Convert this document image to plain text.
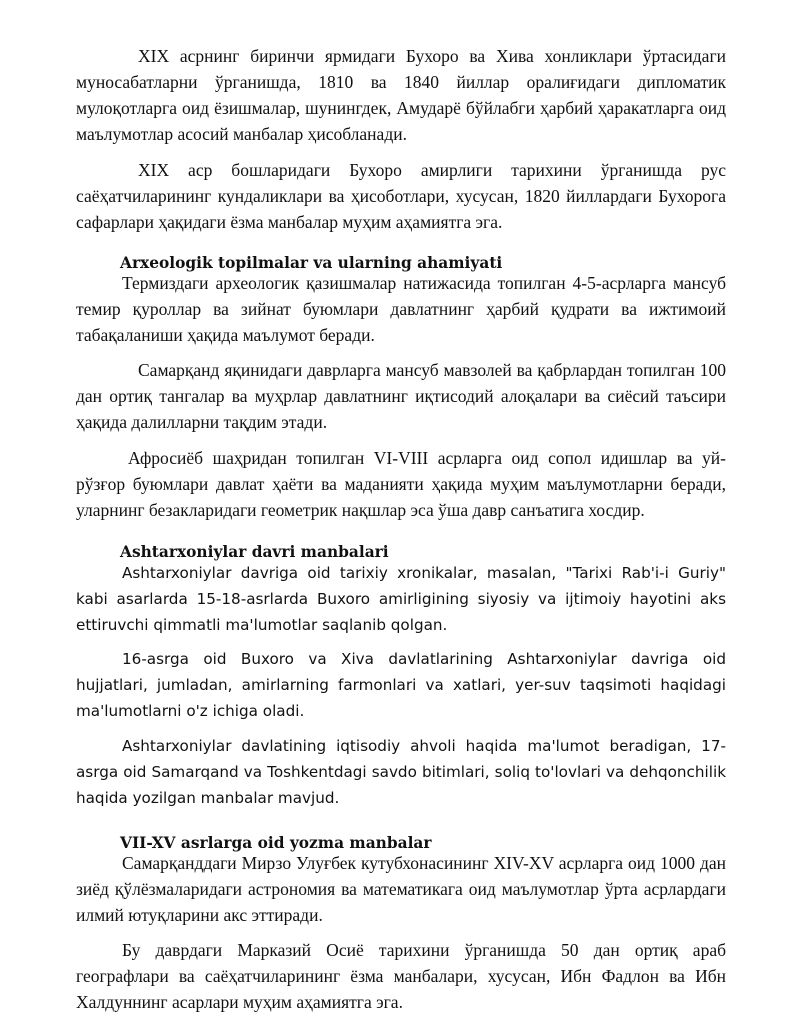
XIX асрнинг биринчи ярмидаги Бухоро ва Хива хонликлари ўртасидаги муносабатларни ўрганишда, 1810 ва 1840 йиллар оралиғидаги дипломатик мулоқотларга оид ёзишмалар, шунингдек, Амударё бўйлабги ҳарбий ҳаракатларга оид маълумотлар асосий манбалар ҳисобланади.

XIX аср бошларидаги Бухоро амирлиги тарихини ўрганишда рус саёҳатчиларининг кундаликлари ва ҳисоботлари, хусусан, 1820 йиллардаги Бухорога сафарлари ҳақидаги ёзма манбалар муҳим аҳамиятга эга.

Arxeologik topilmalar va ularning ahamiyati

Термиздаги археологик қазишмалар натижасида топилган 4-5-асрларга мансуб темир қуроллар ва зийнат буюмлари давлатнинг ҳарбий қудрати ва ижтимоий табақаланиши ҳақида маълумот беради.

Самарқанд яқинидаги даврларга мансуб мавзолей ва қабрлардан топилган 100 дан ортиқ тангалар ва муҳрлар давлатнинг иқтисодий алоқалари ва сиёсий таъсири ҳақида далилларни тақдим этади.

Афросиёб шаҳридан топилган VI-VIII асрларга оид сопол идишлар ва уй-рўзғор буюмлари давлат ҳаёти ва маданияти ҳақида муҳим маълумотларни беради, уларнинг безакларидаги геометрик нақшлар эса ўша давр санъатига хосдир.

Ashtarxoniylar davri manbalari

Ashtarxoniylar davriga oid tarixiy xronikalar, masalan, "Tarixi Rab'i-i Guriy" kabi asarlarda 15-18-asrlarda Buxoro amirligining siyosiy va ijtimoiy hayotini aks ettiruvchi qimmatli ma'lumotlar saqlanib qolgan.

16-asrga oid Buxoro va Xiva davlatlarining Ashtarxoniylar davriga oid hujjatlari, jumladan, amirlarning farmonlari va xatlari, yer-suv taqsimoti haqidagi ma'lumotlarni o'z ichiga oladi.

Ashtarxoniylar davlatining iqtisodiy ahvoli haqida ma'lumot beradigan, 17-asrga oid Samarqand va Toshkentdagi savdo bitimlari, soliq to'lovlari va dehqonchilik haqida yozilgan manbalar mavjud.

VII-XV asrlarga oid yozma manbalar

Самарқанддаги Мирзо Улуғбек кутубхонасининг XIV-XV асрларга оид 1000 дан зиёд қўлёзмаларидаги астрономия ва математикага оид маълумотлар ўрта асрлардаги илмий ютуқларини акс эттиради.

Бу даврдаги Марказий Осиё тарихини ўрганишда 50 дан ортиқ араб географлари ва саёҳатчиларининг ёзма манбалари, хусусан, Ибн Фадлон ва Ибн Халдуннинг асарлари муҳим аҳамиятга эга.
